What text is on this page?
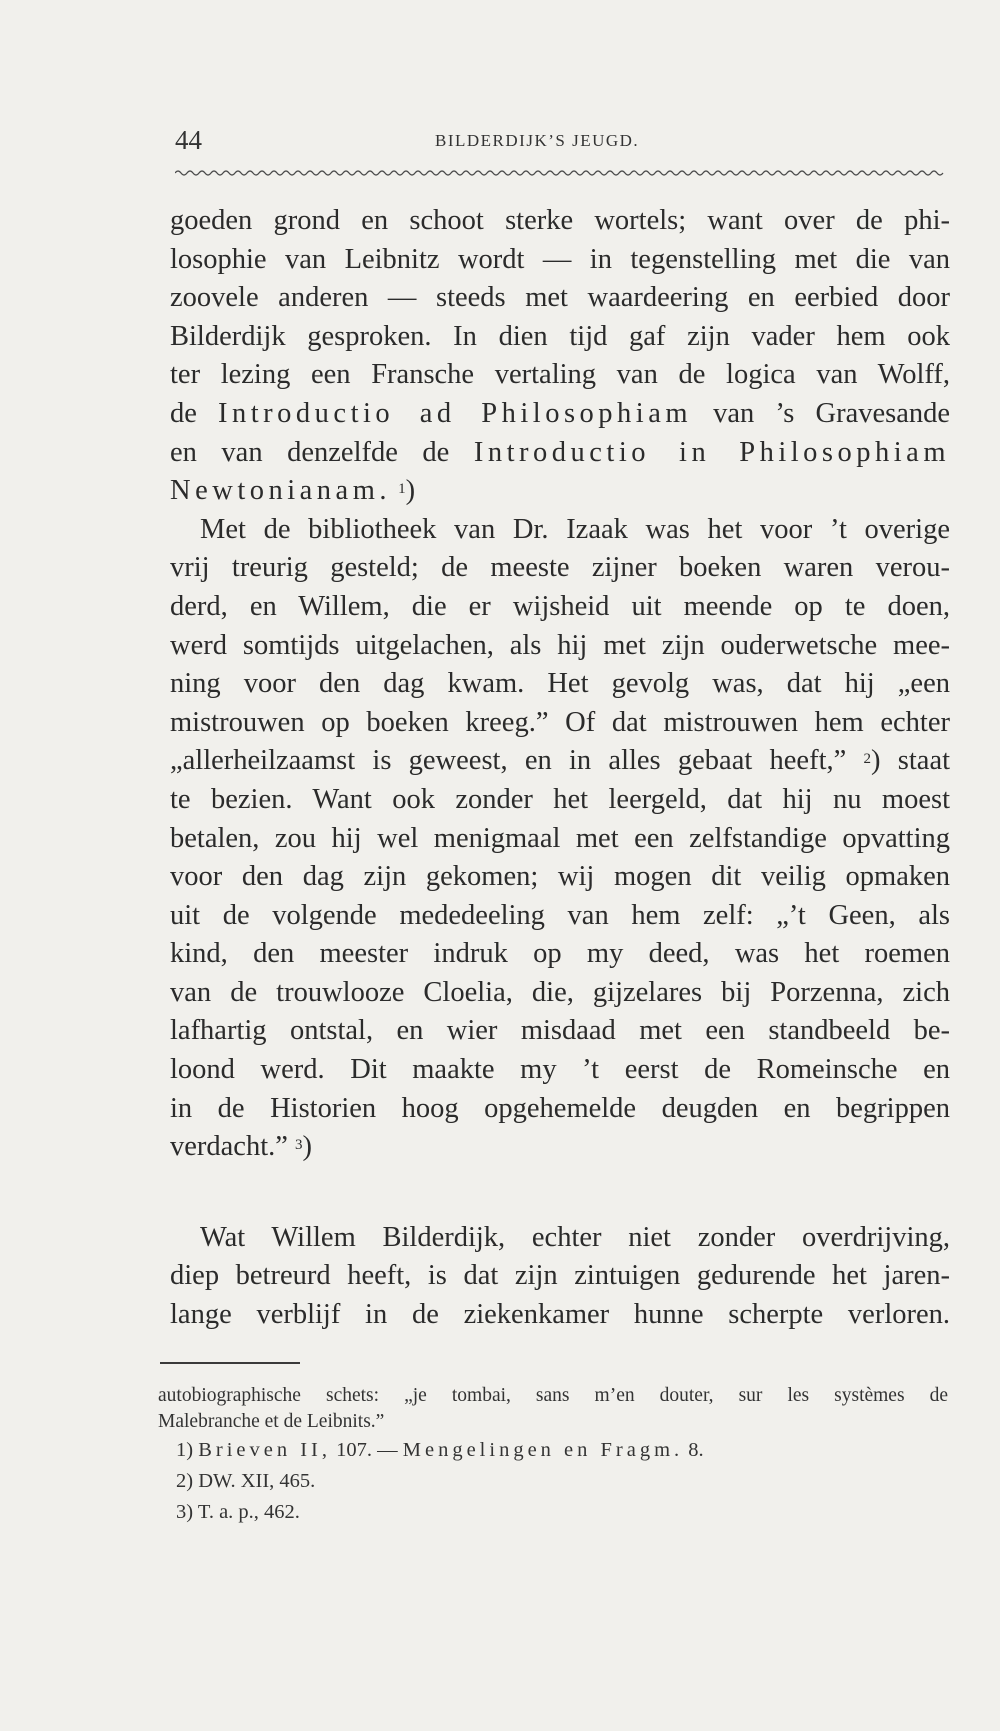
44	BILDERDIJK’S JEUGD.
goeden grond en schoot sterke wortels; want over de phi-
losophie van Leibnitz wordt — in tegenstelling met die van
zoovele anderen — steeds met waardeering en eerbied door
Bilderdijk gesproken. In dien tijd gaf zijn vader hem ook
ter lezing een Fransche vertaling van de logica van Wolff,
de Introductio ad Philosophiam van ’s Gravesande
en van denzelfde de Introductio in Philosophiam
Newtonianam. $^1$)
Met de bibliotheek van Dr. Izaak was het voor ’t overige
vrij treurig gesteld; de meeste zijner boeken waren verou-
derd, en Willem, die er wijsheid uit meende op te doen,
werd somtijds uitgelachen, als hij met zijn ouderwetsche mee-
ning voor den dag kwam. Het gevolg was, dat hij „een
mistrouwen op boeken kreeg.” Of dat mistrouwen hem echter
„allerheilzaamst is geweest, en in alles gebaat heeft,” $^2$) staat
te bezien. Want ook zonder het leergeld, dat hij nu moest
betalen, zou hij wel menigmaal met een zelfstandige opvatting
voor den dag zijn gekomen; wij mogen dit veilig opmaken
uit de volgende mededeeling van hem zelf: „’t Geen, als
kind, den meester indruk op my deed, was het roemen
van de trouwlooze Cloelia, die, gijzelares bij Porzenna, zich
lafhartig ontstal, en wier misdaad met een standbeeld be-
loond werd. Dit maakte my ’t eerst de Romeinsche en
in de Historien hoog opgehemelde deugden en begrippen
verdacht.” $^3$)
Wat Willem Bilderdijk, echter niet zonder overdrijving,
diep betreurd heeft, is dat zijn zintuigen gedurende het jaren-
lange verblijf in de ziekenkamer hunne scherpte verloren.
autobiographische schets: „je tombai, sans m’en douter, sur les systèmes de
Malebranche et de Leibnits.”
1) Brieven II, 107. — Mengelingen en Fragm. 8.
2) DW. XII, 465.
3) T. a. p., 462.
